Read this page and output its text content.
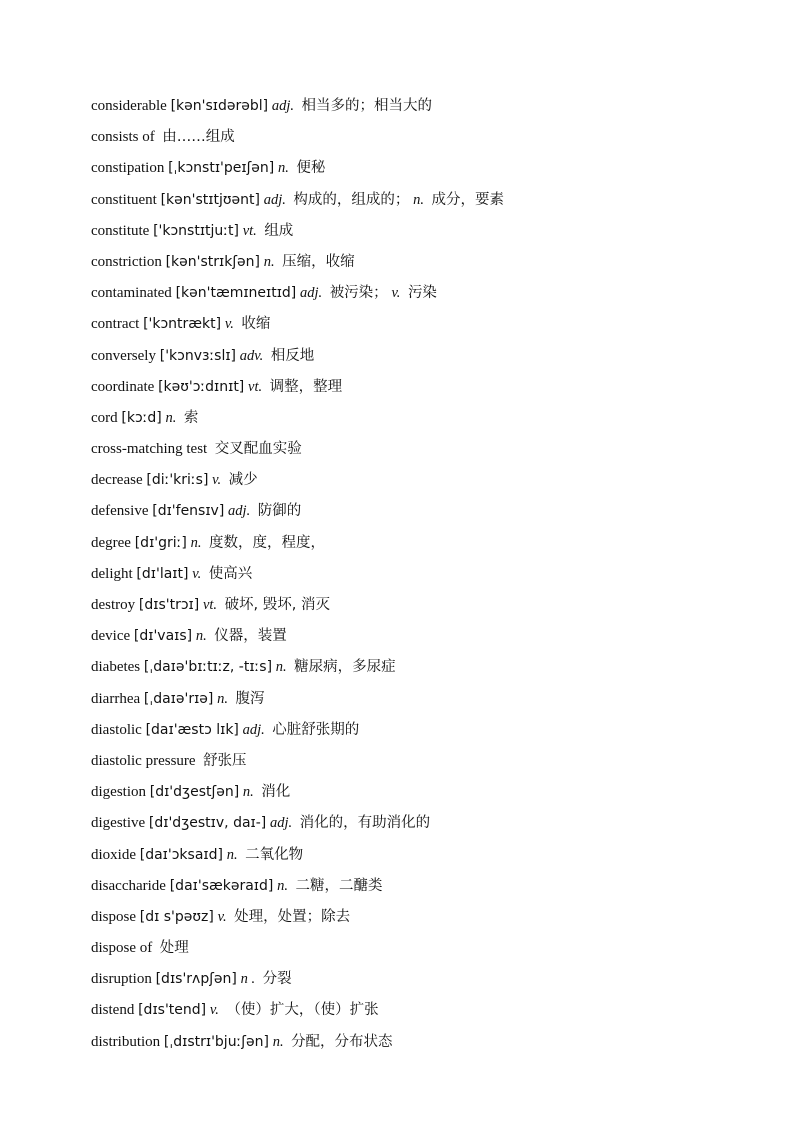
considerable [kən'sɪdərəbl] adj. 相当多的；相当大的
consists of 由……组成
constipation [ˌkɔnstɪ'peɪʃən] n. 便秘
constituent [kən'stɪtjʊənt] adj. 构成的，组成的； n. 成分，要素
constitute ['kɔnstɪtjuːt] vt. 组成
constriction [kən'strɪkʃən] n. 压缩，收缩
contaminated [kən'tæmɪneɪtɪd] adj. 被污染； v. 污染
contract ['kɔntrækt] v. 收缩
conversely ['kɔnvɜːslɪ] adv. 相反地
coordinate [kəʊ'ɔːdɪnɪt] vt. 调整，整理
cord [kɔːd] n. 索
cross-matching test 交叉配血实验
decrease [diː'kriːs] v. 减少
defensive [dɪ'fensɪv] adj. 防御的
degree [dɪ'griː] n. 度数，度，程度，
delight [dɪ'laɪt] v. 使高兴
destroy [dɪs'trɔɪ] vt. 破坏, 毁坏, 消灭
device [dɪ'vaɪs] n. 仪器，装置
diabetes [ˌdaɪə'bɪːtɪːz, -tɪːs] n. 糖尿病，多尿症
diarrhea [ˌdaɪə'rɪə] n. 腹泻
diastolic [daɪ'æstɔ lɪk] adj. 心脏舒张期的
diastolic pressure 舒张压
digestion [dɪ'dʒestʃən] n. 消化
digestive [dɪ'dʒestɪv, daɪ-] adj. 消化的，有助消化的
dioxide [daɪ'ɔksaɪd] n. 二氧化物
disaccharide [daɪ'sækəraɪd] n. 二糖，二醣类
dispose [dɪ s'pəʊz] v. 处理，处置；除去
dispose of 处理
disruption [dɪs'rʌpʃən] n . 分裂
distend [dɪs'tend] v. （使）扩大，（使）扩张
distribution [ˌdɪstrɪ'bjuːʃən] n. 分配，分布状态
